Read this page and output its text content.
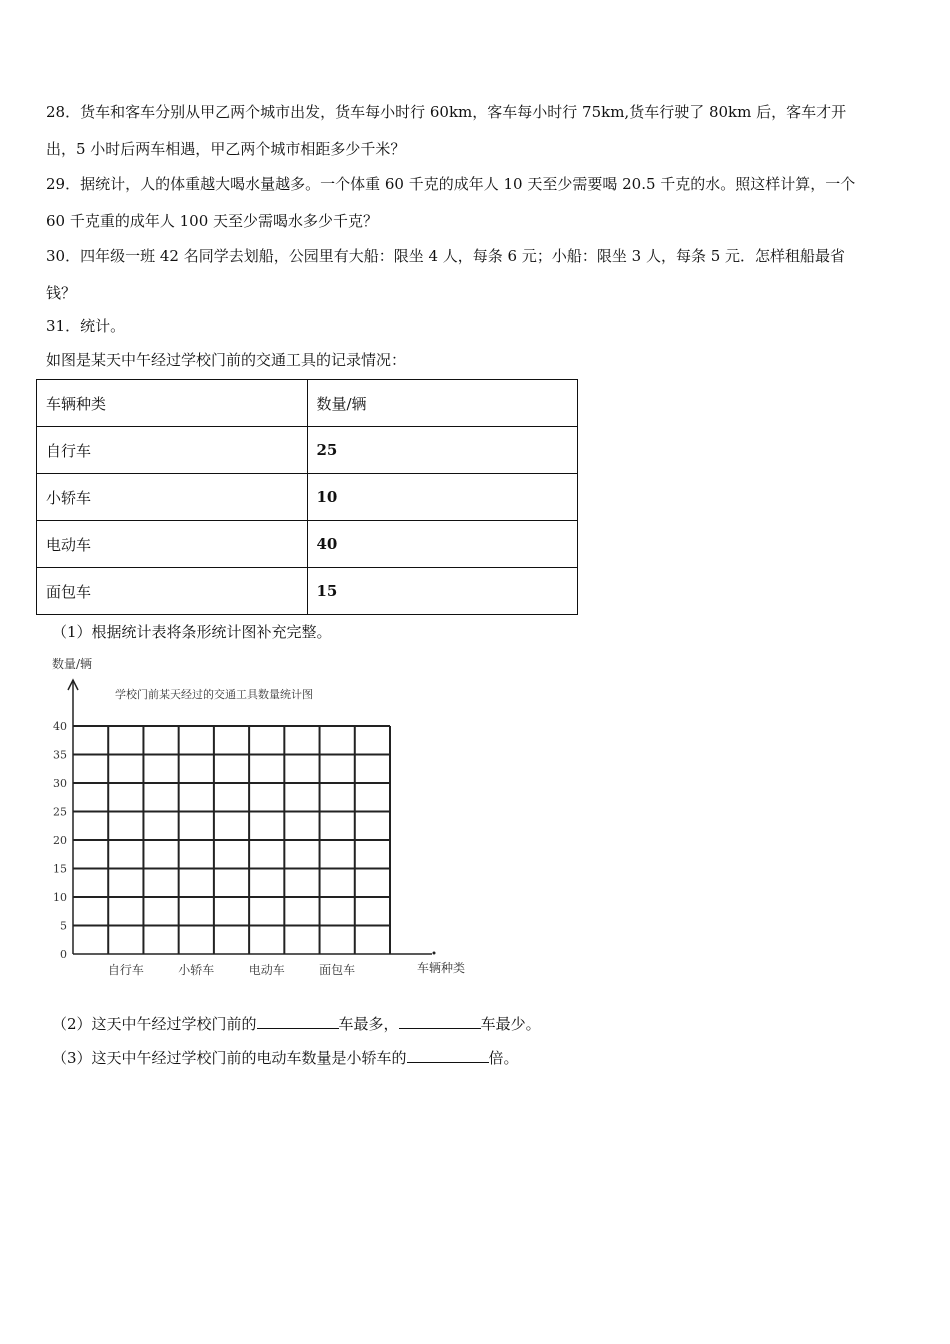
28．货车和客车分别从甲乙两个城市出发，货车每小时行 60km，客车每小时行 75km,货车行驶了 80km 后，客车才开
出，5 小时后两车相遇，甲乙两个城市相距多少千米？
29．据统计，人的体重越大喝水量越多。一个体重 60 千克的成年人 10 天至少需要喝 20.5 千克的水。照这样计算，一个
60 千克重的成年人 100 天至少需喝水多少千克？
30．四年级一班 42 名同学去划船，公园里有大船：限坐 4 人，每条 6 元；小船：限坐 3 人，每条 5 元．怎样租船最省
钱？
31．统计。
如图是某天中午经过学校门前的交通工具的记录情况：
车辆种类	数量/辆
自行车	25
小轿车	10
电动车	40
面包车	15
（1）根据统计表将条形统计图补充完整。
0
5
10
15
20
25
30
35
40
自行车	小轿车	电动车	面包车
学校门前某天经过的交通工具数量统计图
数量/辆
车辆种类
（2）这天中午经过学校门前的	车最多，	车最少。
（3）这天中午经过学校门前的电动车数量是小轿车的	倍。
